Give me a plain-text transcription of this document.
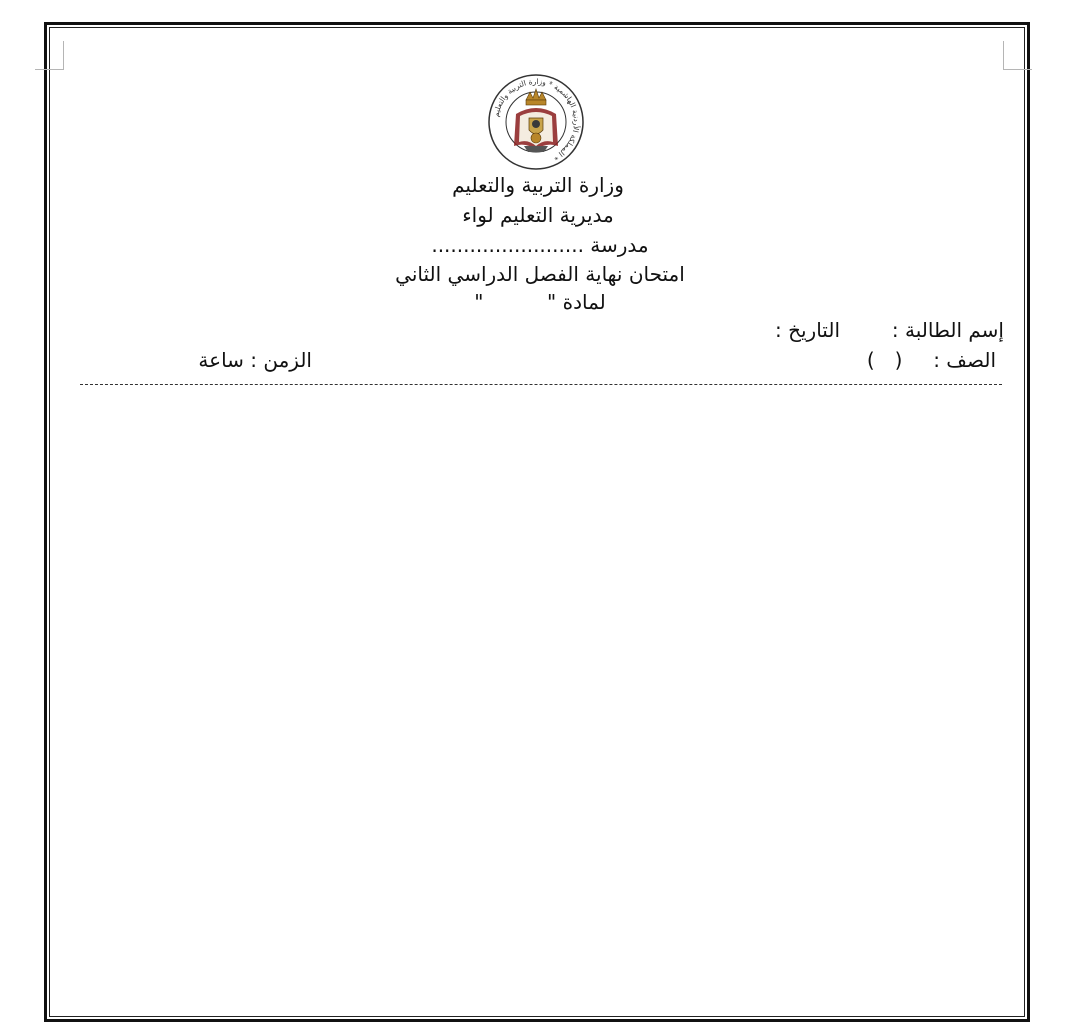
المملكة الأردنية الهاشمية * وزارة التربية والتعليم *
وزارة التربية والتعليم
مديرية التعليم لواء
مدرسة ........................
امتحان نهاية الفصل الدراسي الثاني
لمادة "          "
إسم الطالبة :
التاريخ :
الصف :  ()
الزمن : ساعة
